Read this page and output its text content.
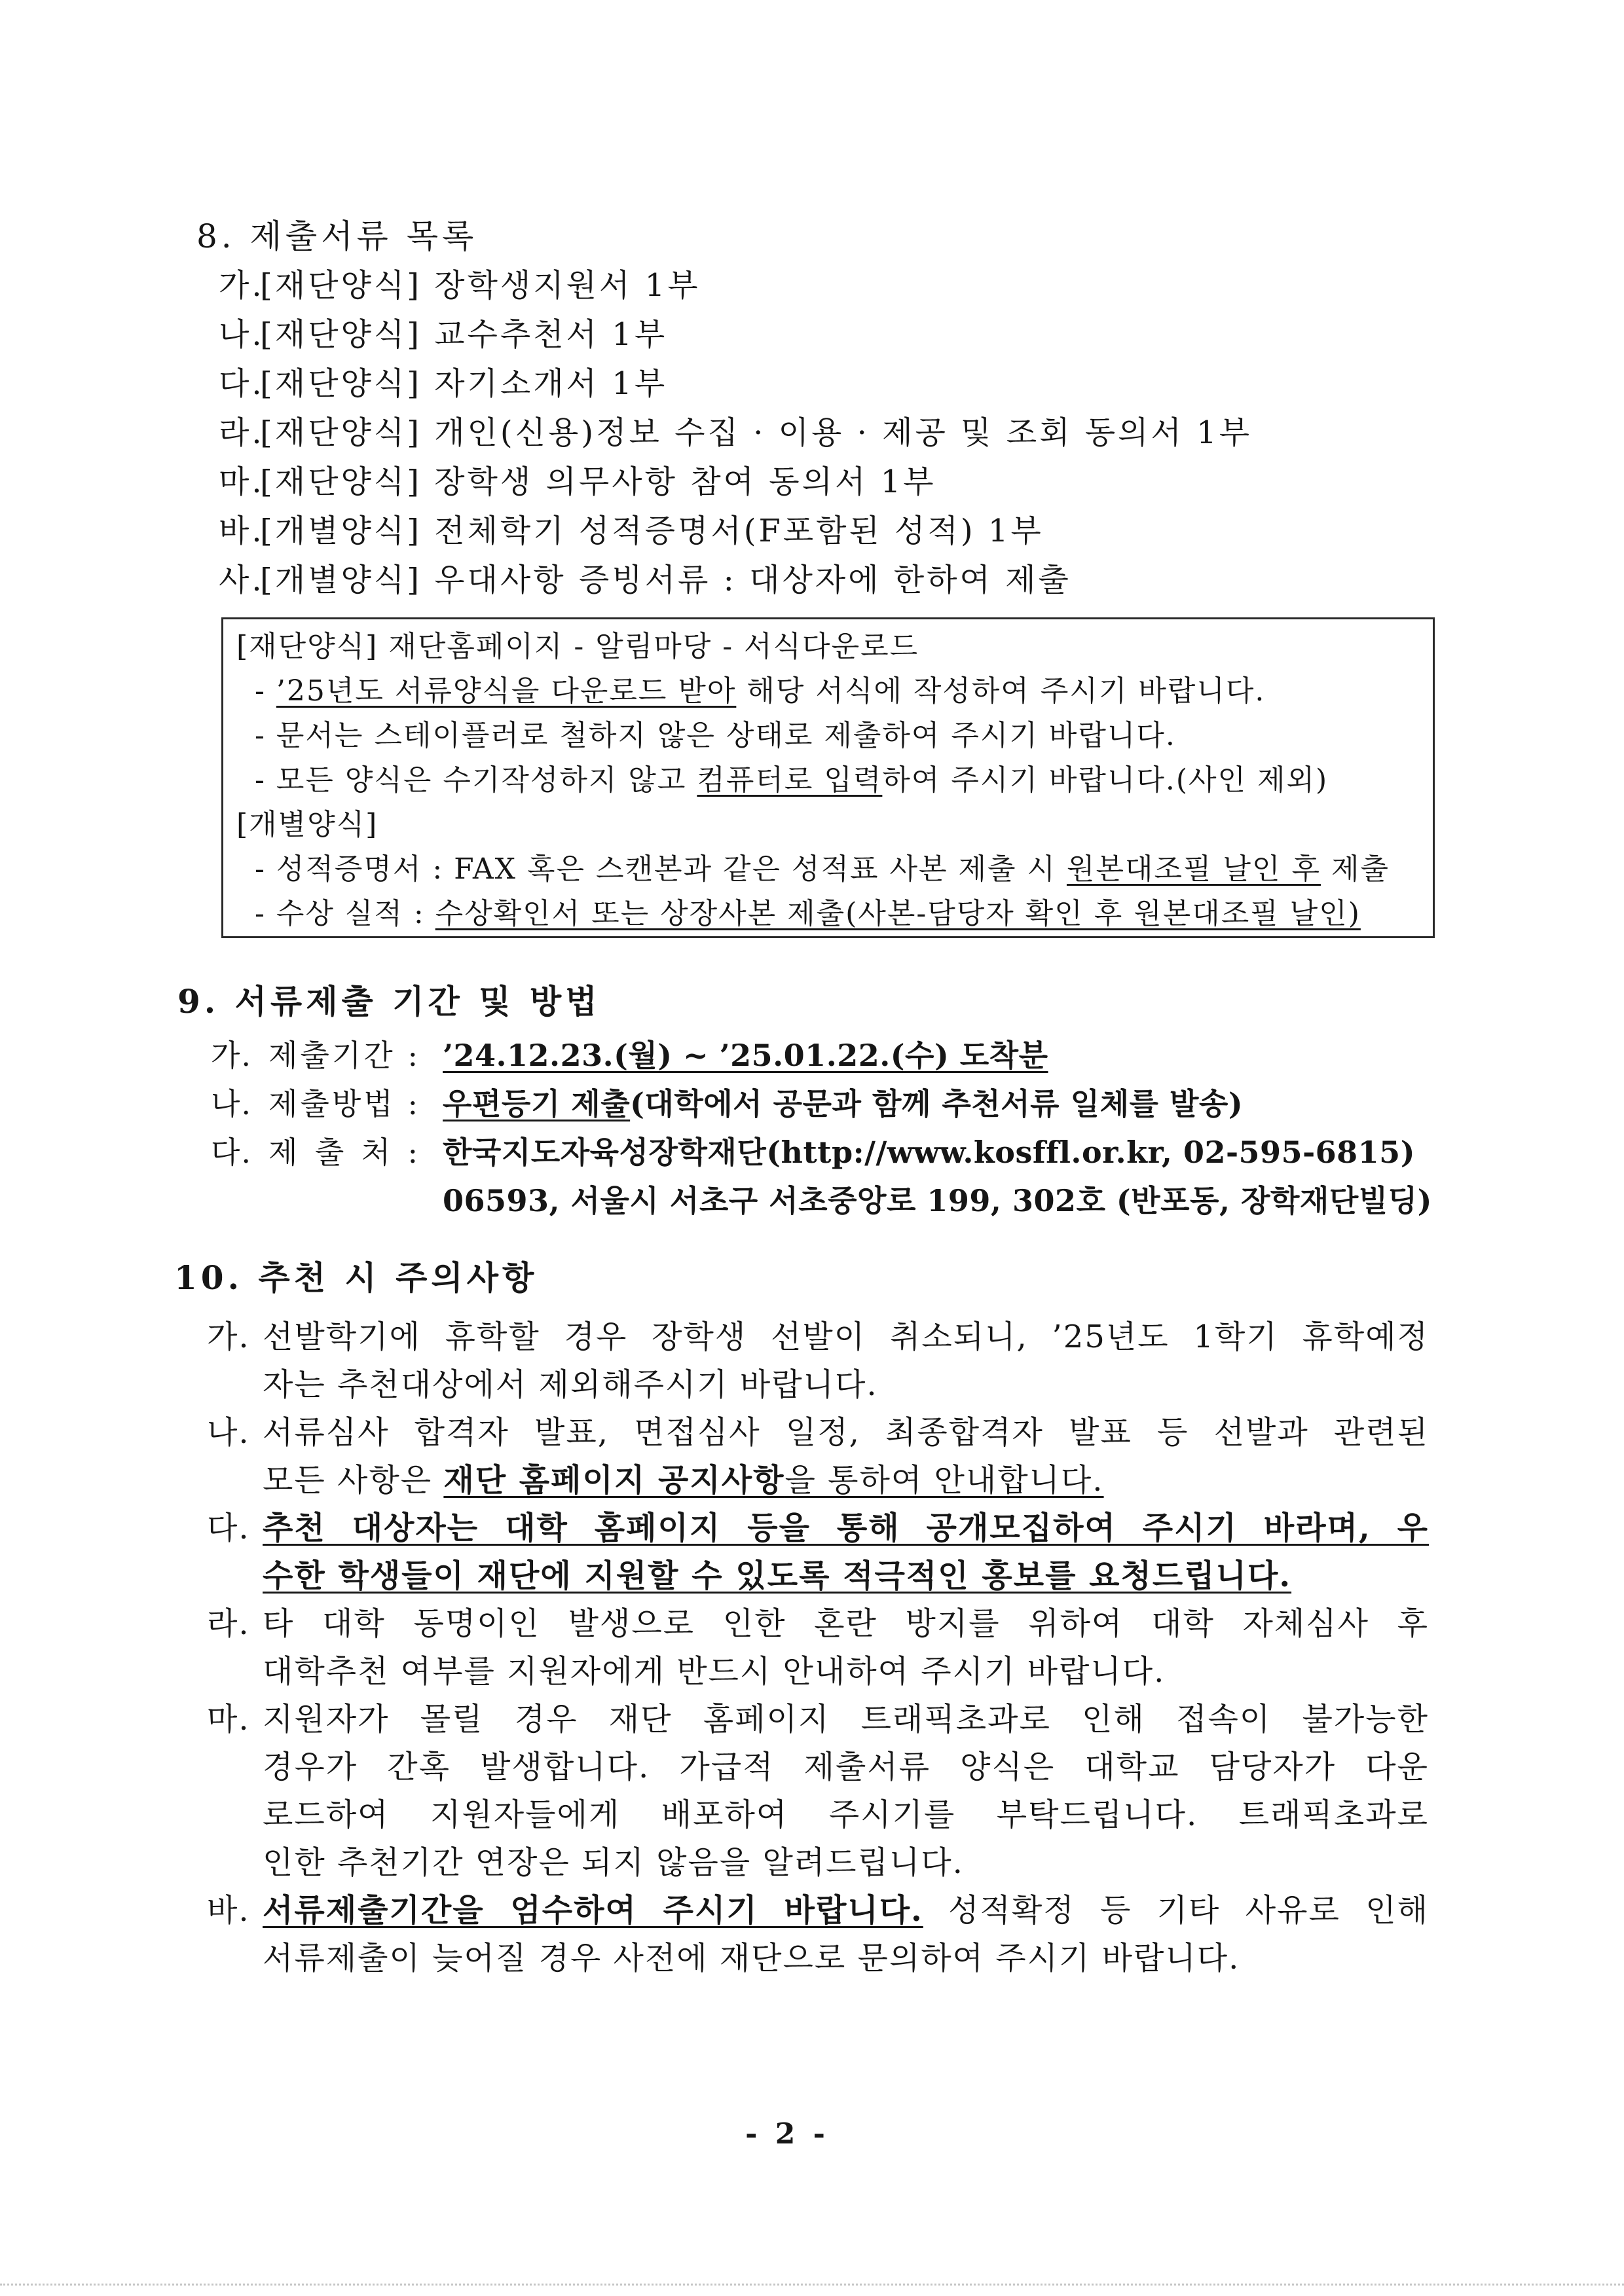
8. 제출서류 목록
가.
[재단양식] 장학생지원서 1부
나.
[재단양식] 교수추천서 1부
다.
[재단양식] 자기소개서 1부
라.
[재단양식] 개인(신용)정보 수집 · 이용 · 제공 및 조회 동의서 1부
마.
[재단양식] 장학생 의무사항 참여 동의서 1부
바.
[개별양식] 전체학기 성적증명서(F포함된 성적) 1부
사.
[개별양식] 우대사항 증빙서류 : 대상자에 한하여 제출
[재단양식] 재단홈페이지 - 알림마당 - 서식다운로드
- ’25년도 서류양식을 다운로드 받아 해당 서식에 작성하여 주시기 바랍니다.
- 문서는 스테이플러로 철하지 않은 상태로 제출하여 주시기 바랍니다.
- 모든 양식은 수기작성하지 않고 컴퓨터로 입력하여 주시기 바랍니다.(사인 제외)
[개별양식]
- 성적증명서 : FAX 혹은 스캔본과 같은 성적표 사본 제출 시 원본대조필 날인 후 제출
- 수상 실적 : 수상확인서 또는 상장사본 제출(사본-담당자 확인 후 원본대조필 날인)
9. 서류제출 기간 및 방법
가. 제출기간 : ’24.12.23.(월) ~ ’25.01.22.(수) 도착분
나. 제출방법 : 우편등기 제출(대학에서 공문과 함께 추천서류 일체를 발송)
다. 제 출 처 : 한국지도자육성장학재단(http://www.kosffl.or.kr, 02-595-6815)
06593, 서울시 서초구 서초중앙로 199, 302호 (반포동, 장학재단빌딩)
10. 추천 시 주의사항
가. 선발학기에 휴학할 경우 장학생 선발이 취소되니, ’25년도 1학기 휴학예정
자는 추천대상에서 제외해주시기 바랍니다.
나. 서류심사 합격자 발표, 면접심사 일정, 최종합격자 발표 등 선발과 관련된
모든 사항은 재단 홈페이지 공지사항을 통하여 안내합니다.
다. 추천 대상자는 대학 홈페이지 등을 통해 공개모집하여 주시기 바라며, 우
수한 학생들이 재단에 지원할 수 있도록 적극적인 홍보를 요청드립니다.
라. 타 대학 동명이인 발생으로 인한 혼란 방지를 위하여 대학 자체심사 후
대학추천 여부를 지원자에게 반드시 안내하여 주시기 바랍니다.
마. 지원자가 몰릴 경우 재단 홈페이지 트래픽초과로 인해 접속이 불가능한
경우가 간혹 발생합니다. 가급적 제출서류 양식은 대학교 담당자가 다운
로드하여 지원자들에게 배포하여 주시기를 부탁드립니다. 트래픽초과로
인한 추천기간 연장은 되지 않음을 알려드립니다.
바. 서류제출기간을 엄수하여 주시기 바랍니다. 성적확정 등 기타 사유로 인해
서류제출이 늦어질 경우 사전에 재단으로 문의하여 주시기 바랍니다.
- 2 -
